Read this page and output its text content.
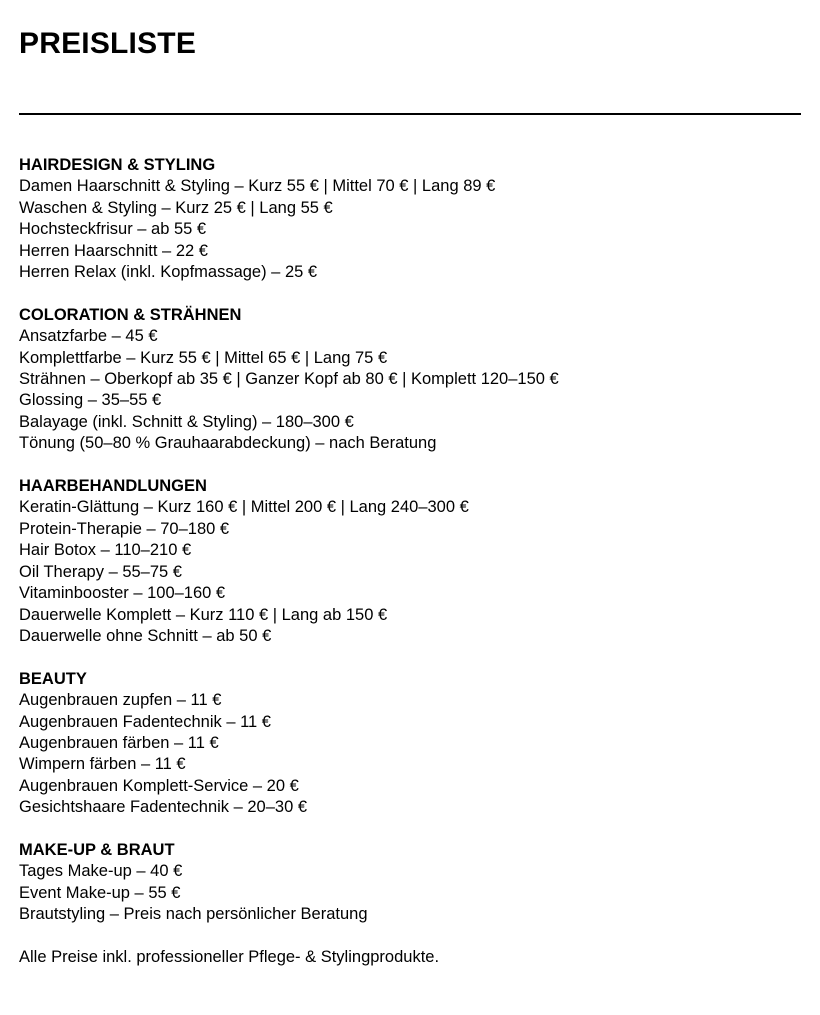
PREISLISTE

HAIRDESIGN & STYLING

Damen Haarschnitt & Styling – Kurz 55 € | Mittel 70 € | Lang 89 €

Waschen & Styling – Kurz 25 € | Lang 55 €

Hochsteckfrisur – ab 55 €

Herren Haarschnitt – 22 €

Herren Relax (inkl. Kopfmassage) – 25 €

COLORATION & STRÄHNEN

Ansatzfarbe – 45 €

Komplettfarbe – Kurz 55 € | Mittel 65 € | Lang 75 €

Strähnen – Oberkopf ab 35 € | Ganzer Kopf ab 80 € | Komplett 120–150 €

Glossing – 35–55 €

Balayage (inkl. Schnitt & Styling) – 180–300 €

Tönung (50–80 % Grauhaarabdeckung) – nach Beratung

HAARBEHANDLUNGEN

Keratin-Glättung – Kurz 160 € | Mittel 200 € | Lang 240–300 €

Protein-Therapie – 70–180 €

Hair Botox – 110–210 €

Oil Therapy – 55–75 €

Vitaminbooster – 100–160 €

Dauerwelle Komplett – Kurz 110 € | Lang ab 150 €

Dauerwelle ohne Schnitt – ab 50 €

BEAUTY

Augenbrauen zupfen – 11 €

Augenbrauen Fadentechnik – 11 €

Augenbrauen färben – 11 €

Wimpern färben – 11 €

Augenbrauen Komplett-Service – 20 €

Gesichtshaare Fadentechnik – 20–30 €

MAKE-UP & BRAUT

Tages Make-up – 40 €

Event Make-up – 55 €

Brautstyling – Preis nach persönlicher Beratung

Alle Preise inkl. professioneller Pflege- & Stylingprodukte.
